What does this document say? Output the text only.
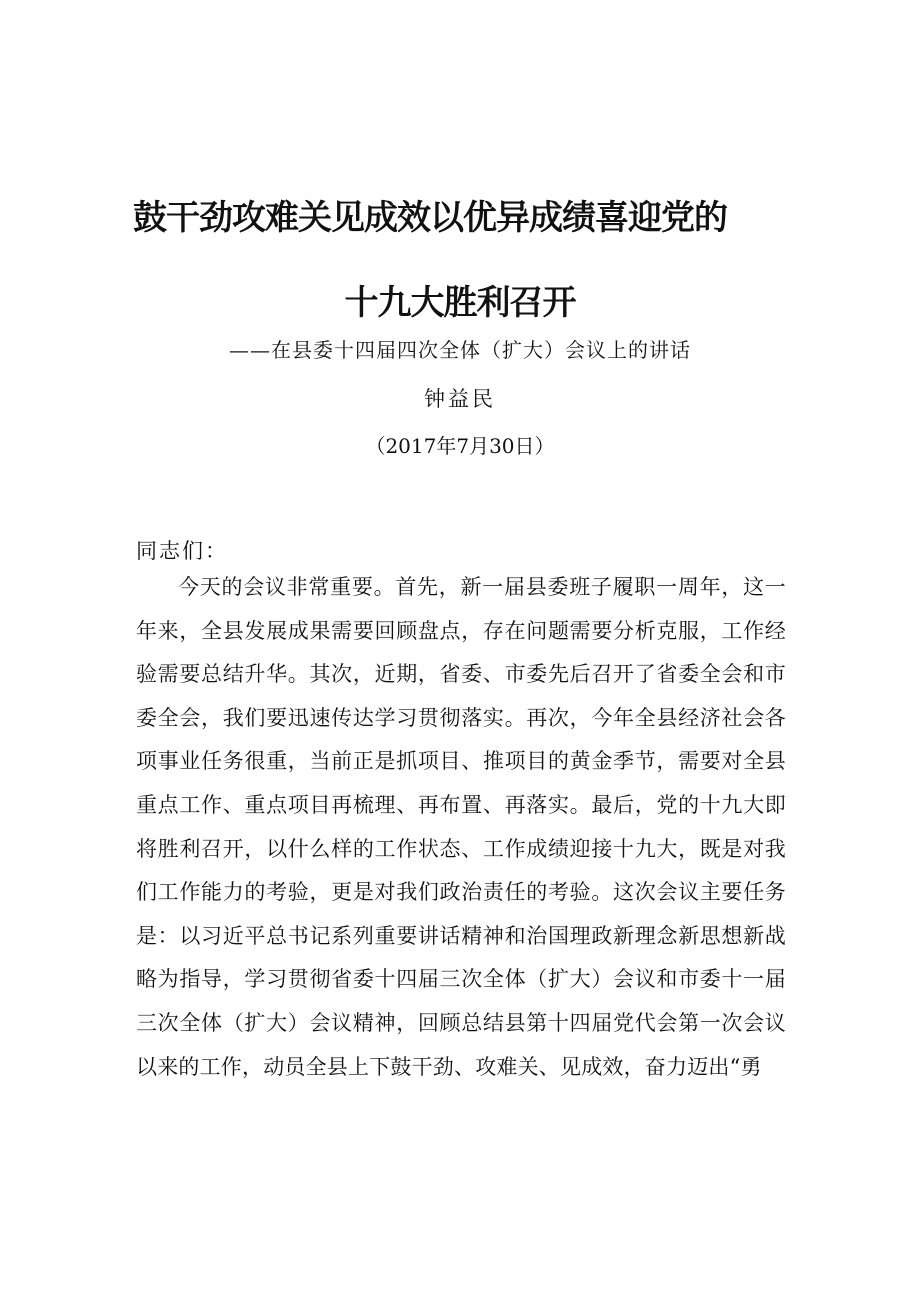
鼓干劲攻难关见成效以优异成绩喜迎党的
十九大胜利召开
——在县委十四届四次全体（扩大）会议上的讲话
钟益民
（2017年7月30日）
同志们：

今天的会议非常重要。首先，新一届县委班子履职一周年，这一年来，全县发展成果需要回顾盘点，存在问题需要分析克服，工作经验需要总结升华。其次，近期，省委、市委先后召开了省委全会和市委全会，我们要迅速传达学习贯彻落实。再次，今年全县经济社会各项事业任务很重，当前正是抓项目、推项目的黄金季节，需要对全县重点工作、重点项目再梳理、再布置、再落实。最后，党的十九大即将胜利召开，以什么样的工作状态、工作成绩迎接十九大，既是对我们工作能力的考验，更是对我们政治责任的考验。这次会议主要任务是：以习近平总书记系列重要讲话精神和治国理政新理念新思想新战略为指导，学习贯彻省委十四届三次全体（扩大）会议和市委十一届三次全体（扩大）会议精神，回顾总结县第十四届党代会第一次会议以来的工作，动员全县上下鼓干劲、攻难关、见成效，奋力迈出“勇
